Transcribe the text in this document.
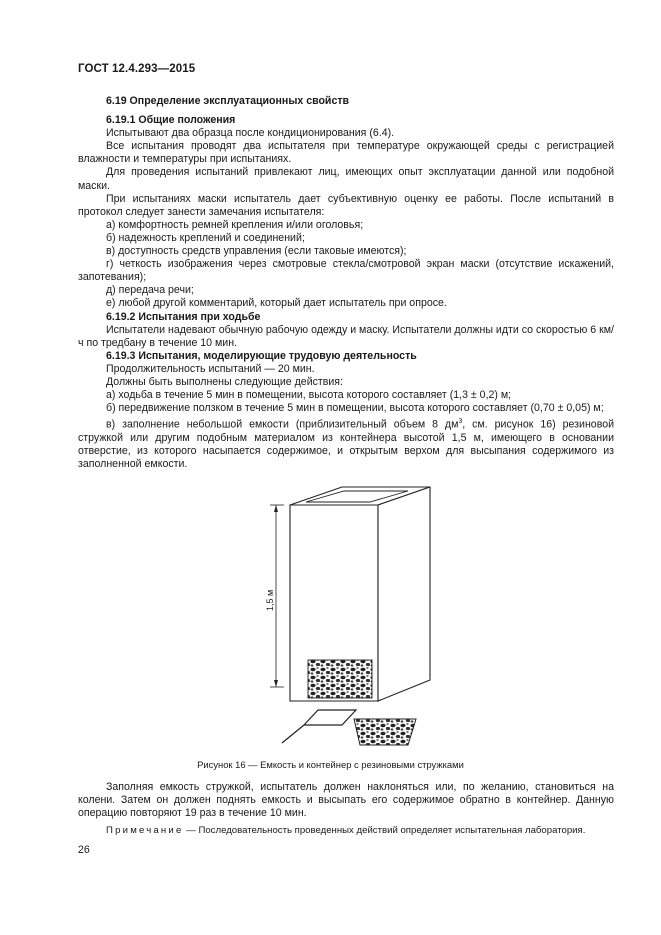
ГОСТ 12.4.293—2015

6.19 Определение эксплуатационных свойств

6.19.1 Общие положения

Испытывают два образца после кондиционирования (6.4).

Все испытания проводят два испытателя при температуре окружающей среды с регистрацией влажности и температуры при испытаниях.

Для проведения испытаний привлекают лиц, имеющих опыт эксплуатации данной или подобной маски.

При испытаниях маски испытатель дает субъективную оценку ее работы. После испытаний в протокол следует занести замечания испытателя:

а) комфортность ремней крепления и/или оголовья;

б) надежность креплений и соединений;

в) доступность средств управления (если таковые имеются);

г) четкость изображения через смотровые стекла/смотровой экран маски (отсутствие искажений, запотевания);

д) передача речи;

е) любой другой комментарий, который дает испытатель при опросе.

6.19.2 Испытания при ходьбе

Испытатели надевают обычную рабочую одежду и маску. Испытатели должны идти со скоростью 6 км/ч по тредбану в течение 10 мин.

6.19.3 Испытания, моделирующие трудовую деятельность

Продолжительность испытаний — 20 мин.

Должны быть выполнены следующие действия:

а) ходьба в течение 5 мин в помещении, высота которого составляет (1,3 ± 0,2) м;

б) передвижение ползком в течение 5 мин в помещении, высота которого составляет (0,70 ± 0,05) м;

в) заполнение небольшой емкости (приблизительный объем 8 $дм^3$, см. рисунок 16) резиновой стружкой или другим подобным материалом из контейнера высотой 1,5 м, имеющего в основании отверстие, из которого насыпается содержимое, и открытым верхом для высыпания содержимого из заполненной емкости.

1,5 м
Рисунок 16 — Емкость и контейнер с резиновыми стружками

Заполняя емкость стружкой, испытатель должен наклоняться или, по желанию, становиться на колени. Затем он должен поднять емкость и высыпать его содержимое обратно в контейнер. Данную операцию повторяют 19 раз в течение 10 мин.

Примечание — Последовательность проведенных действий определяет испытательная лаборатория.
26
